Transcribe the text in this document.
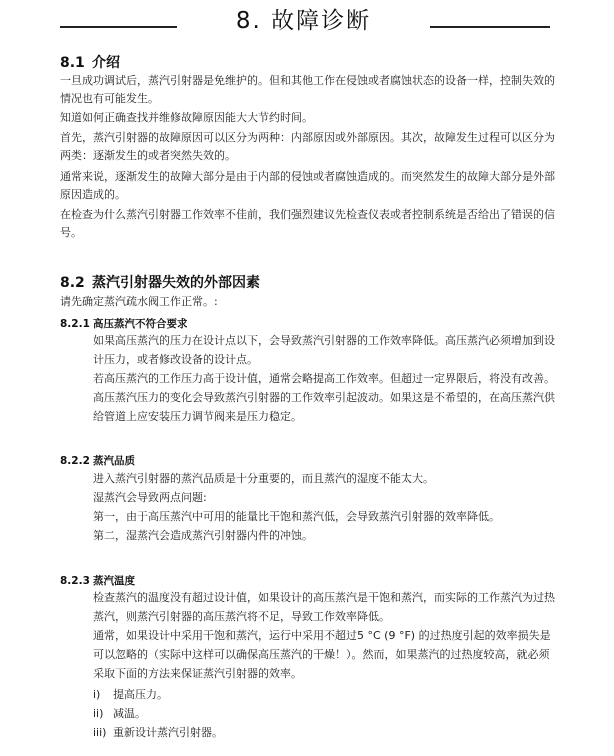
8. 故障诊断
8.1 介绍

一旦成功调试后，蒸汽引射器是免维护的。但和其他工作在侵蚀或者腐蚀状态的设备一样，控制失效的情况也有可能发生。

知道如何正确查找并维修故障原因能大大节约时间。

首先，蒸汽引射器的故障原因可以区分为两种：内部原因或外部原因。其次，故障发生过程可以区分为两类：逐渐发生的或者突然失效的。

通常来说，逐渐发生的故障大部分是由于内部的侵蚀或者腐蚀造成的。而突然发生的故障大部分是外部原因造成的。

在检查为什么蒸汽引射器工作效率不佳前，我们强烈建议先检查仪表或者控制系统是否给出了错误的信号。

8.2 蒸汽引射器失效的外部因素

请先确定蒸汽疏水阀工作正常。:

8.2.1 高压蒸汽不符合要求

如果高压蒸汽的压力在设计点以下，会导致蒸汽引射器的工作效率降低。高压蒸汽必须增加到设计压力，或者修改设备的设计点。

若高压蒸汽的工作压力高于设计值，通常会略提高工作效率。但超过一定界限后，将没有改善。高压蒸汽压力的变化会导致蒸汽引射器的工作效率引起波动。如果这是不希望的，在高压蒸汽供给管道上应安装压力调节阀来是压力稳定。

8.2.2 蒸汽品质

进入蒸汽引射器的蒸汽品质是十分重要的，而且蒸汽的湿度不能太大。

湿蒸汽会导致两点问题:

第一，由于高压蒸汽中可用的能量比干饱和蒸汽低，会导致蒸汽引射器的效率降低。

第二，湿蒸汽会造成蒸汽引射器内件的冲蚀。

8.2.3 蒸汽温度

检查蒸汽的温度没有超过设计值，如果设计的高压蒸汽是干饱和蒸汽，而实际的工作蒸汽为过热蒸汽，则蒸汽引射器的高压蒸汽将不足，导致工作效率降低。

通常，如果设计中采用干饱和蒸汽，运行中采用不超过5 °C (9 °F) 的过热度引起的效率损失是可以忽略的（实际中这样可以确保高压蒸汽的干燥！）。然而，如果蒸汽的过热度较高，就必须采取下面的方法来保证蒸汽引射器的效率。

i) 提高压力。
ii) 减温。
iii) 重新设计蒸汽引射器。
